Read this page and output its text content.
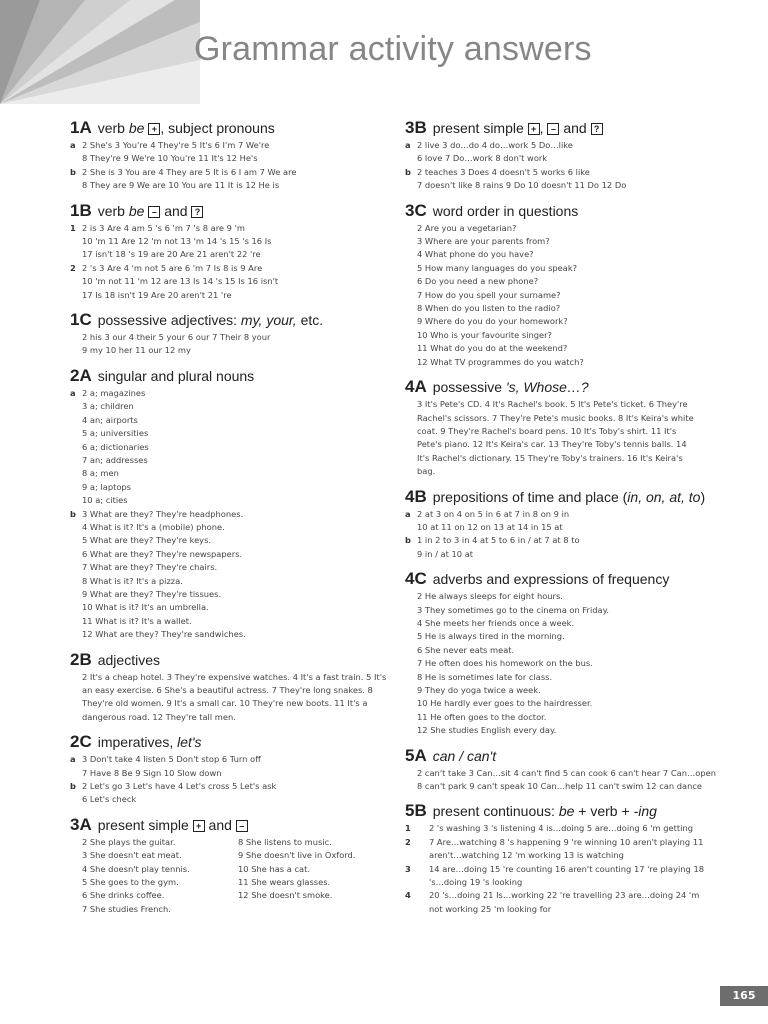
Grammar activity answers
1A verb be + , subject pronouns
a 2 She's 3 You're 4 They're 5 It's 6 I'm 7 We're
8 They're 9 We're 10 You're 11 It's 12 He's
b 2 She is 3 You are 4 They are 5 It is 6 I am 7 We are
8 They are 9 We are 10 You are 11 It is 12 He is
1B verb be – and ?
1 2 is 3 Are 4 am 5 's 6 'm 7 's 8 are 9 'm
10 'm 11 Are 12 'm not 13 'm 14 's 15 's 16 Is
17 isn't 18 's 19 are 20 Are 21 aren't 22 're
2 2 's 3 Are 4 'm not 5 are 6 'm 7 Is 8 is 9 Are
10 'm not 11 'm 12 are 13 Is 14 's 15 Is 16 isn't
17 Is 18 isn't 19 Are 20 aren't 21 're
1C possessive adjectives: my, your, etc.
2 his 3 our 4 their 5 your 6 our 7 Their 8 your
9 my 10 her 11 our 12 my
2A singular and plural nouns
a 2 a; magazines
3 a; children
4 an; airports
5 a; universities
6 a; dictionaries
7 an; addresses
8 a; men
9 a; laptops
10 a; cities
b 3 What are they? They're headphones.
4 What is it? It's a (mobile) phone.
5 What are they? They're keys.
6 What are they? They're newspapers.
7 What are they? They're chairs.
8 What is it? It's a pizza.
9 What are they? They're tissues.
10 What is it? It's an umbrella.
11 What is it? It's a wallet.
12 What are they? They're sandwiches.
2B adjectives
2 It's a cheap hotel. 3 They're expensive watches. 4 It's a fast train. 5 It's an easy exercise. 6 She's a beautiful actress. 7 They're long snakes. 8 They're old women. 9 It's a small car. 10 They're new boots. 11 It's a dangerous road. 12 They're tall men.
2C imperatives, let's
a 3 Don't take 4 listen 5 Don't stop 6 Turn off
7 Have 8 Be 9 Sign 10 Slow down
b 2 Let's go 3 Let's have 4 Let's cross 5 Let's ask
6 Let's check
3A present simple + and –
2 She plays the guitar.
3 She doesn't eat meat.
4 She doesn't play tennis.
5 She goes to the gym.
6 She drinks coffee.
7 She studies French.
8 She listens to music.
9 She doesn't live in Oxford.
10 She has a cat.
11 She wears glasses.
12 She doesn't smoke.
3B present simple + , – and ?
a 2 live 3 do…do 4 do…work 5 Do…like
6 love 7 Do…work 8 don't work
b 2 teaches 3 Does 4 doesn't 5 works 6 like
7 doesn't like 8 rains 9 Do 10 doesn't 11 Do 12 Do
3C word order in questions
2 Are you a vegetarian?
3 Where are your parents from?
4 What phone do you have?
5 How many languages do you speak?
6 Do you need a new phone?
7 How do you spell your surname?
8 When do you listen to the radio?
9 Where do you do your homework?
10 Who is your favourite singer?
11 What do you do at the weekend?
12 What TV programmes do you watch?
4A possessive 's, Whose…?
3 It's Pete's CD. 4 It's Rachel's book. 5 It's Pete's ticket. 6 They're Rachel's scissors. 7 They're Pete's music books. 8 It's Keira's white coat. 9 They're Rachel's board pens. 10 It's Toby's shirt. 11 It's Pete's piano. 12 It's Keira's car. 13 They're Toby's tennis balls. 14 It's Rachel's dictionary. 15 They're Toby's trainers. 16 It's Keira's bag.
4B prepositions of time and place (in, on, at, to)
a 2 at 3 on 4 on 5 in 6 at 7 in 8 on 9 in
10 at 11 on 12 on 13 at 14 in 15 at
b 1 in 2 to 3 in 4 at 5 to 6 in / at 7 at 8 to
9 in / at 10 at
4C adverbs and expressions of frequency
2 He always sleeps for eight hours.
3 They sometimes go to the cinema on Friday.
4 She meets her friends once a week.
5 He is always tired in the morning.
6 She never eats meat.
7 He often does his homework on the bus.
8 He is sometimes late for class.
9 They do yoga twice a week.
10 He hardly ever goes to the hairdresser.
11 He often goes to the doctor.
12 She studies English every day.
5A can / can't
2 can't take 3 Can…sit 4 can't find 5 can cook 6 can't hear 7 Can…open 8 can't park 9 can't speak 10 Can…help 11 can't swim 12 can dance
5B present continuous: be + verb + -ing
1	2 's washing 3 's listening 4 is…doing 5 are…doing 6 'm getting
2	7 Are…watching 8 's happening 9 're winning 10 aren't playing 11 aren't…watching 12 'm working 13 is watching
3	14 are…doing 15 're counting 16 aren't counting 17 're playing 18 's…doing 19 's looking
4	20 's…doing 21 Is…working 22 're travelling 23 are…doing 24 'm not working 25 'm looking for
165
